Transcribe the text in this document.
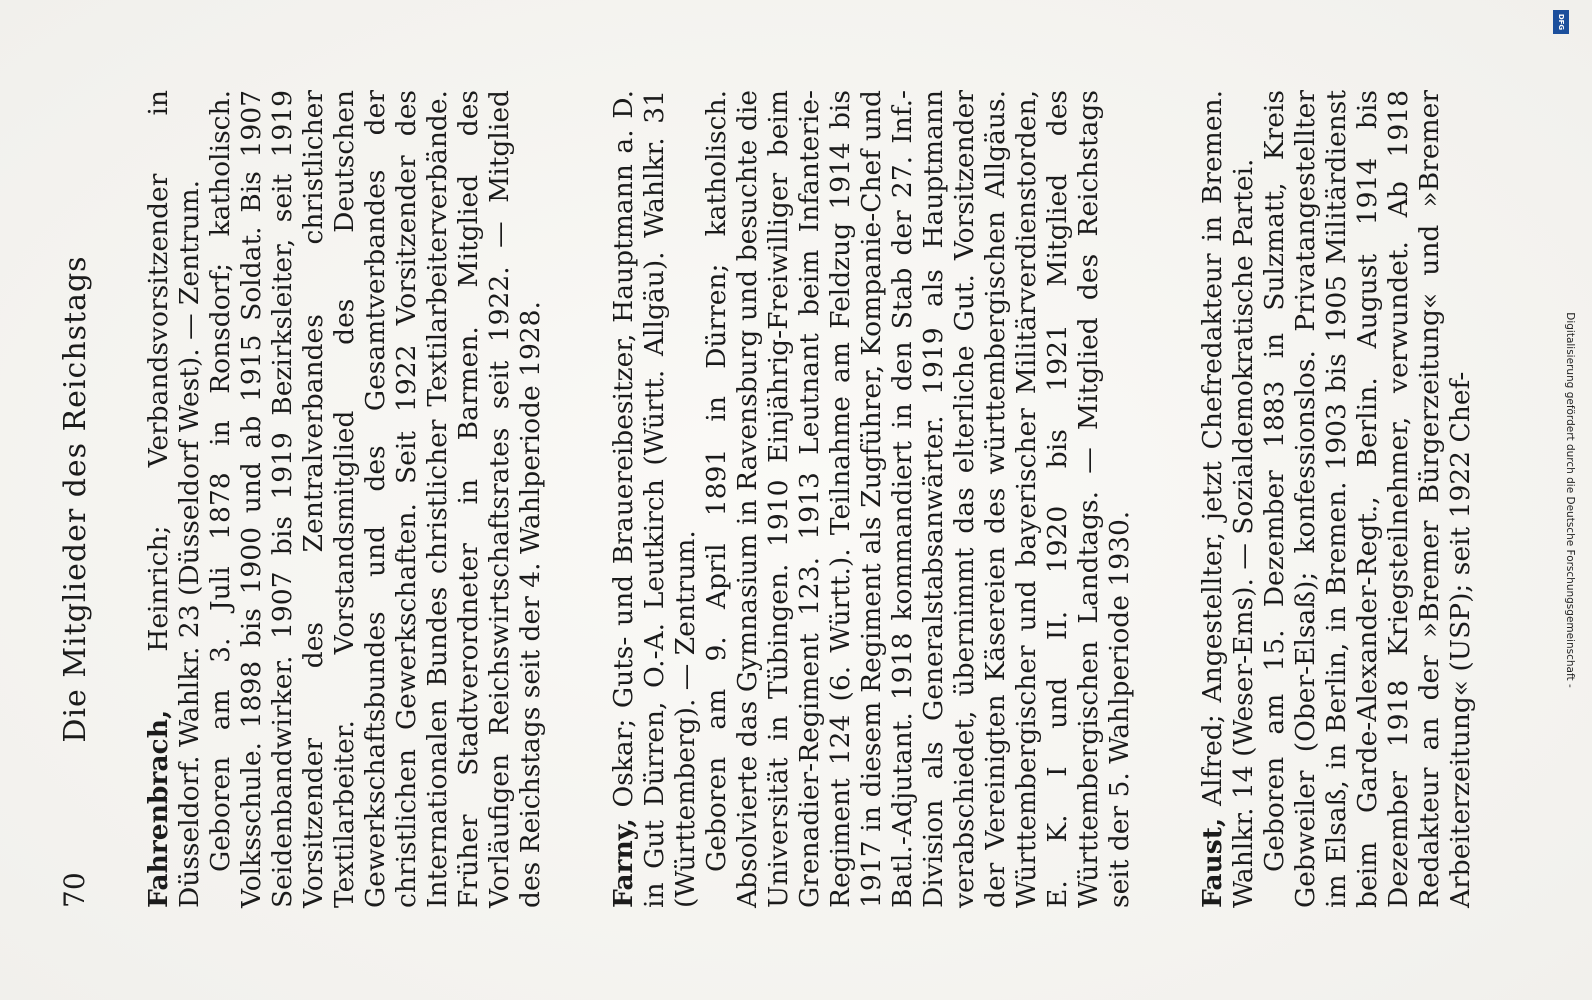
70
Die Mitglieder des Reichstags

Fahrenbrach, Heinrich; Verbandsvorsitzender in Düsseldorf. Wahlkr. 23 (Düsseldorf West). — Zentrum. Geboren am 3. Juli 1878 in Ronsdorf; katholisch. Volksschule. 1898 bis 1900 und ab 1915 Soldat. Bis 1907 Seidenbandwirker. 1907 bis 1919 Bezirksleiter, seit 1919 Vorsitzender des Zentralverbandes christlicher Textilarbeiter. Vorstandsmitglied des Deutschen Gewerkschaftsbundes und des Gesamtverbandes der christlichen Gewerkschaften. Seit 1922 Vorsitzender des Internationalen Bundes christlicher Textilarbeiterverbände. Früher Stadtverordneter in Barmen. Mitglied des Vorläufigen Reichswirtschaftsrates seit 1922. — Mitglied des Reichstags seit der 4. Wahlperiode 1928. Farny, Oskar; Guts- und Brauereibesitzer, Hauptmann a. D. in Gut Dürren, O.-A. Leutkirch (Württ. Allgäu). Wahlkr. 31 (Württemberg). — Zentrum. Geboren am 9. April 1891 in Dürren; katholisch. Absolvierte das Gymnasium in Ravensburg und besuchte die Universität in Tübingen. 1910 Einjährig-Freiwilliger beim Grenadier-Regiment 123. 1913 Leutnant beim Infanterie-Regiment 124 (6. Württ.). Teilnahme am Feldzug 1914 bis 1917 in diesem Regiment als Zugführer, Kompanie-Chef und Batl.-Adjutant. 1918 kommandiert in den Stab der 27. Inf.-Division als Generalstabsanwärter. 1919 als Hauptmann verabschiedet, übernimmt das elterliche Gut. Vorsitzender der Vereinigten Käsereien des württembergischen Allgäus. Württembergischer und bayerischer Militärverdienstorden, E. K. I und II. 1920 bis 1921 Mitglied des Württembergischen Landtags. — Mitglied des Reichstags seit der 5. Wahlperiode 1930. Faust, Alfred; Angestellter, jetzt Chefredakteur in Bremen. Wahlkr. 14 (Weser-Ems). — Sozialdemokratische Partei. Geboren am 15. Dezember 1883 in Sulzmatt, Kreis Gebweiler (Ober-Elsaß); konfessionslos. Privatangestellter im Elsaß, in Berlin, in Bremen. 1903 bis 1905 Militärdienst beim Garde-Alexander-Regt., Berlin. August 1914 bis Dezember 1918 Kriegsteilnehmer, verwundet. Ab 1918 Redakteur an der »Bremer Bürgerzeitung« und »Bremer Arbeiterzeitung« (USP); seit 1922 Chef-

DFG
Digitalisierung gefördert durch die Deutsche Forschungsgemeinschaft -
